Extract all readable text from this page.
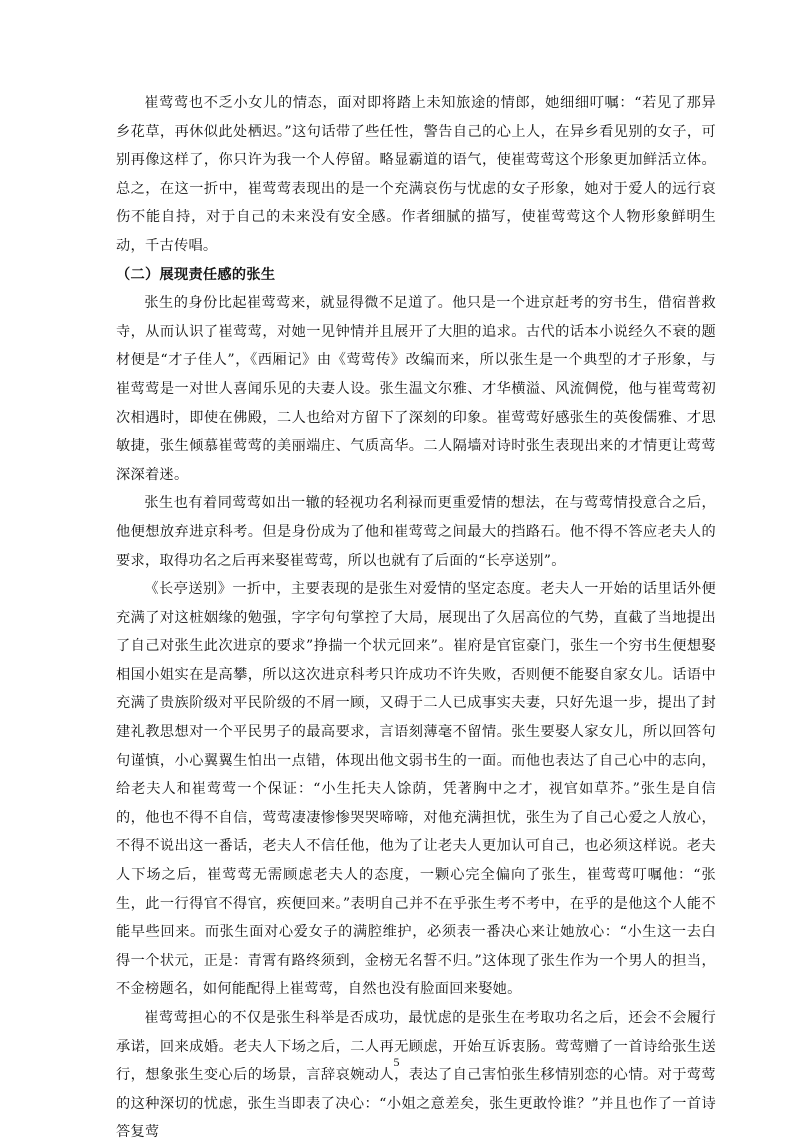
崔莺莺也不乏小女儿的情态，面对即将踏上未知旅途的情郎，她细细叮嘱：“若见了那异乡花草，再休似此处栖迟。”这句话带了些任性，警告自己的心上人，在异乡看见别的女子，可别再像这样了，你只许为我一个人停留。略显霸道的语气，使崔莺莺这个形象更加鲜活立体。总之，在这一折中，崔莺莺表现出的是一个充满哀伤与忧虑的女子形象，她对于爱人的远行哀伤不能自持，对于自己的未来没有安全感。作者细腻的描写，使崔莺莺这个人物形象鲜明生动，千古传唱。

（二）展现责任感的张生

张生的身份比起崔莺莺来，就显得微不足道了。他只是一个进京赶考的穷书生，借宿普救寺，从而认识了崔莺莺，对她一见钟情并且展开了大胆的追求。古代的话本小说经久不衰的题材便是“才子佳人”，《西厢记》由《莺莺传》改编而来，所以张生是一个典型的才子形象，与崔莺莺是一对世人喜闻乐见的夫妻人设。张生温文尔雅、才华横溢、风流倜傥，他与崔莺莺初次相遇时，即使在佛殿，二人也给对方留下了深刻的印象。崔莺莺好感张生的英俊儒雅、才思敏捷，张生倾慕崔莺莺的美丽端庄、气质高华。二人隔墙对诗时张生表现出来的才情更让莺莺深深着迷。

张生也有着同莺莺如出一辙的轻视功名利禄而更重爱情的想法，在与莺莺情投意合之后，他便想放弃进京科考。但是身份成为了他和崔莺莺之间最大的挡路石。他不得不答应老夫人的要求，取得功名之后再来娶崔莺莺，所以也就有了后面的“长亭送别”。

《长亭送别》一折中，主要表现的是张生对爱情的坚定态度。老夫人一开始的话里话外便充满了对这桩姻缘的勉强，字字句句掌控了大局，展现出了久居高位的气势，直截了当地提出了自己对张生此次进京的要求”挣揣一个状元回来”。崔府是官宦豪门，张生一个穷书生便想娶相国小姐实在是高攀，所以这次进京科考只许成功不许失败，否则便不能娶自家女儿。话语中充满了贵族阶级对平民阶级的不屑一顾，又碍于二人已成事实夫妻，只好先退一步，提出了封建礼教思想对一个平民男子的最高要求，言语刻薄毫不留情。张生要娶人家女儿，所以回答句句谨慎，小心翼翼生怕出一点错，体现出他文弱书生的一面。而他也表达了自己心中的志向，给老夫人和崔莺莺一个保证：“小生托夫人馀荫，凭著胸中之才，视官如草芥。”张生是自信的，他也不得不自信，莺莺凄凄惨惨哭哭啼啼，对他充满担忧，张生为了自己心爱之人放心，不得不说出这一番话，老夫人不信任他，他为了让老夫人更加认可自己，也必须这样说。老夫人下场之后，崔莺莺无需顾虑老夫人的态度，一颗心完全偏向了张生，崔莺莺叮嘱他：“张生，此一行得官不得官，疾便回来。”表明自己并不在乎张生考不考中，在乎的是他这个人能不能早些回来。而张生面对心爱女子的满腔维护，必须表一番决心来让她放心：“小生这一去白得一个状元，正是：青霄有路终须到，金榜无名誓不归。”这体现了张生作为一个男人的担当，不金榜题名，如何能配得上崔莺莺，自然也没有脸面回来娶她。

崔莺莺担心的不仅是张生科举是否成功，最忧虑的是张生在考取功名之后，还会不会履行承诺，回来成婚。老夫人下场之后，二人再无顾虑，开始互诉衷肠。莺莺赠了一首诗给张生送行，想象张生变心后的场景，言辞哀婉动人，表达了自己害怕张生移情别恋的心情。对于莺莺的这种深切的忧虑，张生当即表了决心：“小姐之意差矣，张生更敢怜谁？”并且也作了一首诗答复莺

5
